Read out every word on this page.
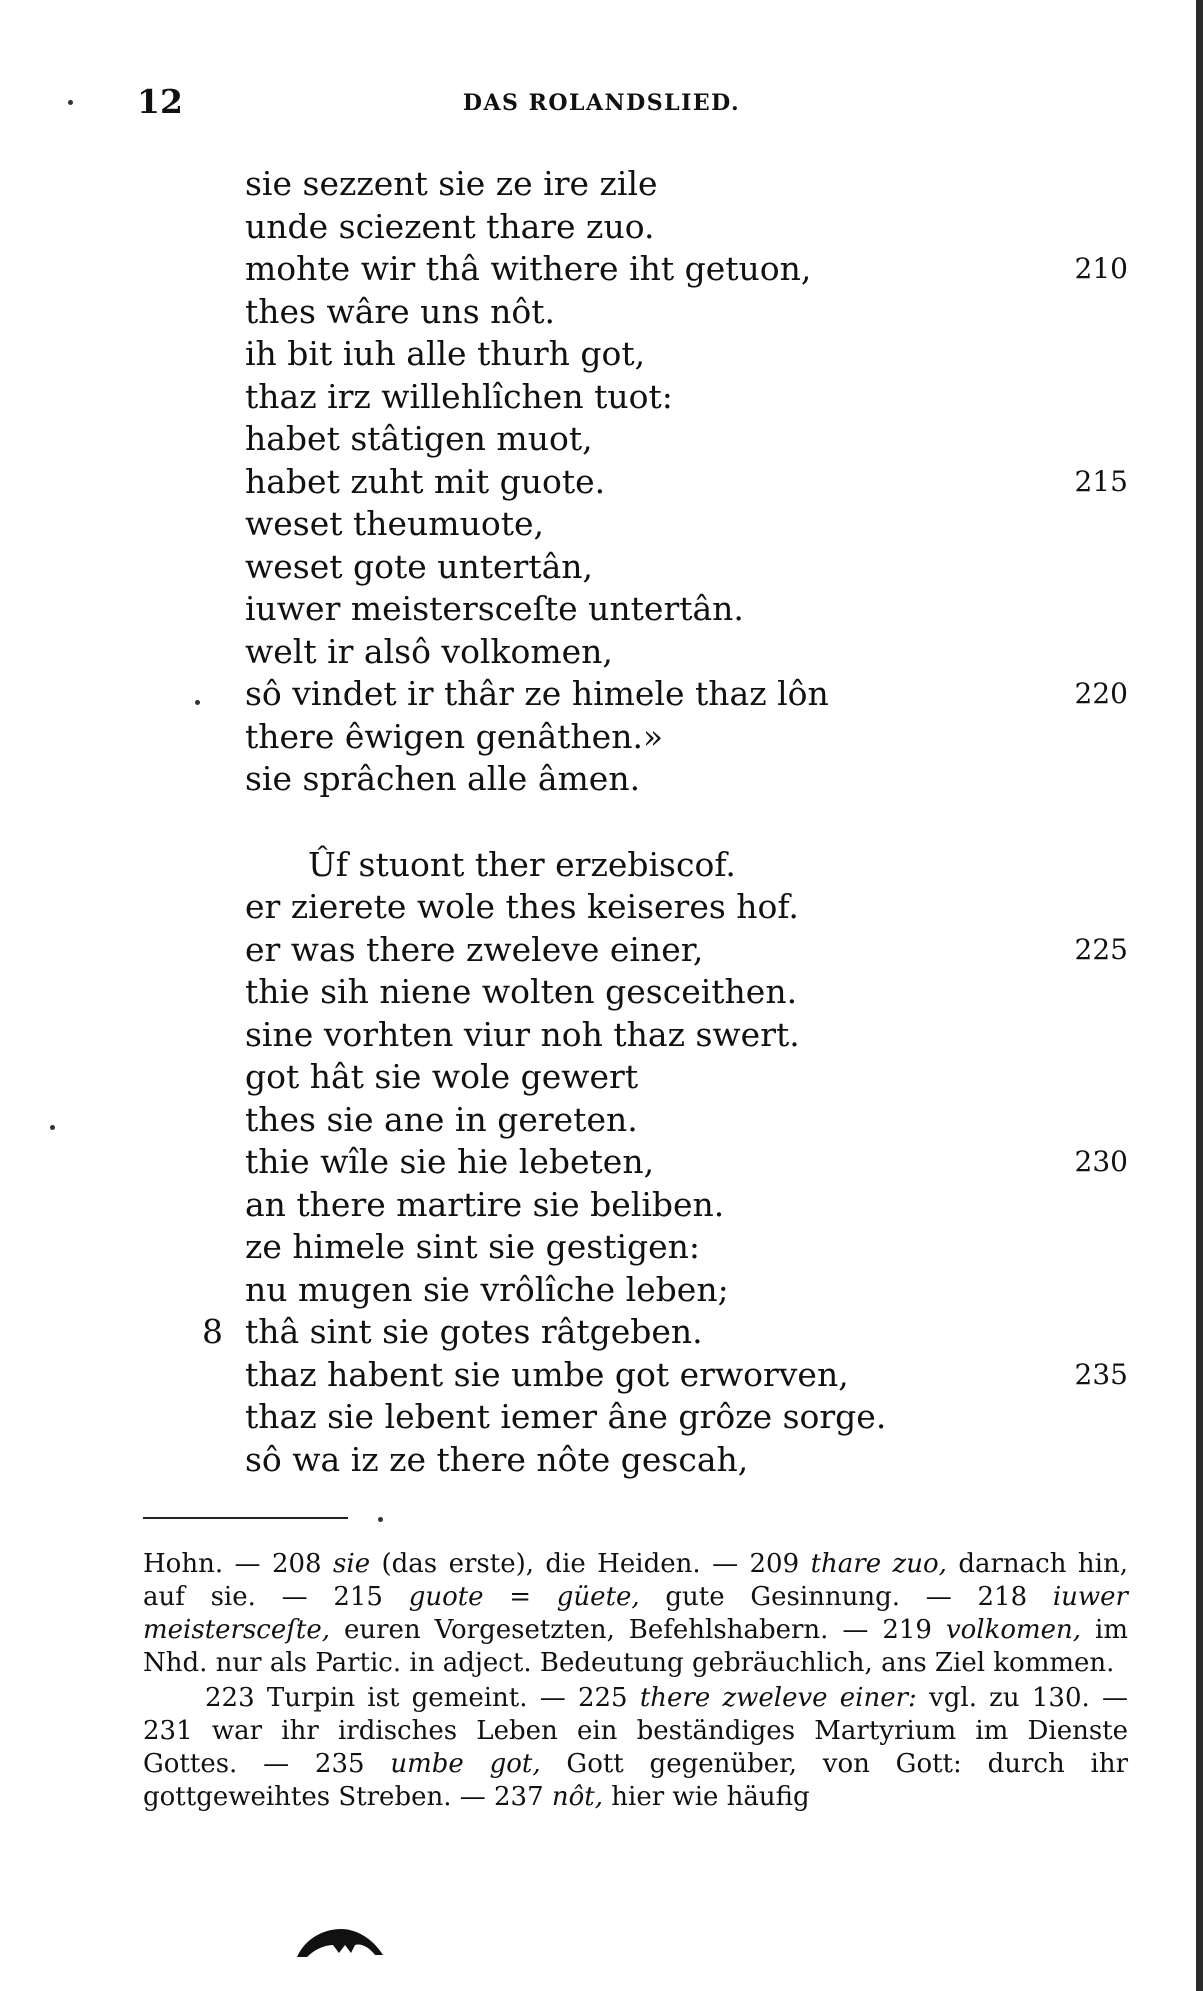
12	DAS ROLANDSLIED.
sie sezzent sie ze ire zile
unde sciezent thare zuo.
mohte wir thâ withere iht getuon,	210
thes wâre uns nôt.
ih bit iuh alle thurh got,
thaz irz willehlîchen tuot:
habet stâtigen muot,
habet zuht mit guote.	215
weset theumuote,
weset gote untertân,
iuwer meistersceſte untertân.
welt ir alsô volkomen,
sô vindet ir thâr ze himele thaz lôn	220
there êwigen genâthen.»
sie sprâchen alle âmen.
Ûf stuont ther erzebiscof.
er zierete wole thes keiseres hof.
er was there zweleve einer,	225
thie sih niene wolten gesceithen.
sine vorhten viur noh thaz swert.
got hât sie wole gewert
thes sie ane in gereten.
thie wîle sie hie lebeten,	230
an there martire sie beliben.
ze himele sint sie gestigen:
nu mugen sie vrôlîche leben;
8 thâ sint sie gotes râtgeben.
thaz habent sie umbe got erworven,	235
thaz sie lebent iemer âne grôze sorge.
sô wa iz ze there nôte gescah,

Hohn. — 208 sie (das erste), die Heiden. — 209 thare zuo, darnach hin, auf sie. — 215 guote = güete, gute Gesinnung. — 218 iuwer meistersceſte, euren Vorgesetzten, Befehlshabern. — 219 volkomen, im Nhd. nur als Partic. in adject. Bedeutung gebräuchlich, ans Ziel kommen.

223 Turpin ist gemeint. — 225 there zweleve einer: vgl. zu 130. — 231 war ihr irdisches Leben ein beständiges Martyrium im Dienste Gottes. — 235 umbe got, Gott gegenüber, von Gott: durch ihr gottgeweihtes Streben. — 237 nôt, hier wie häufig
